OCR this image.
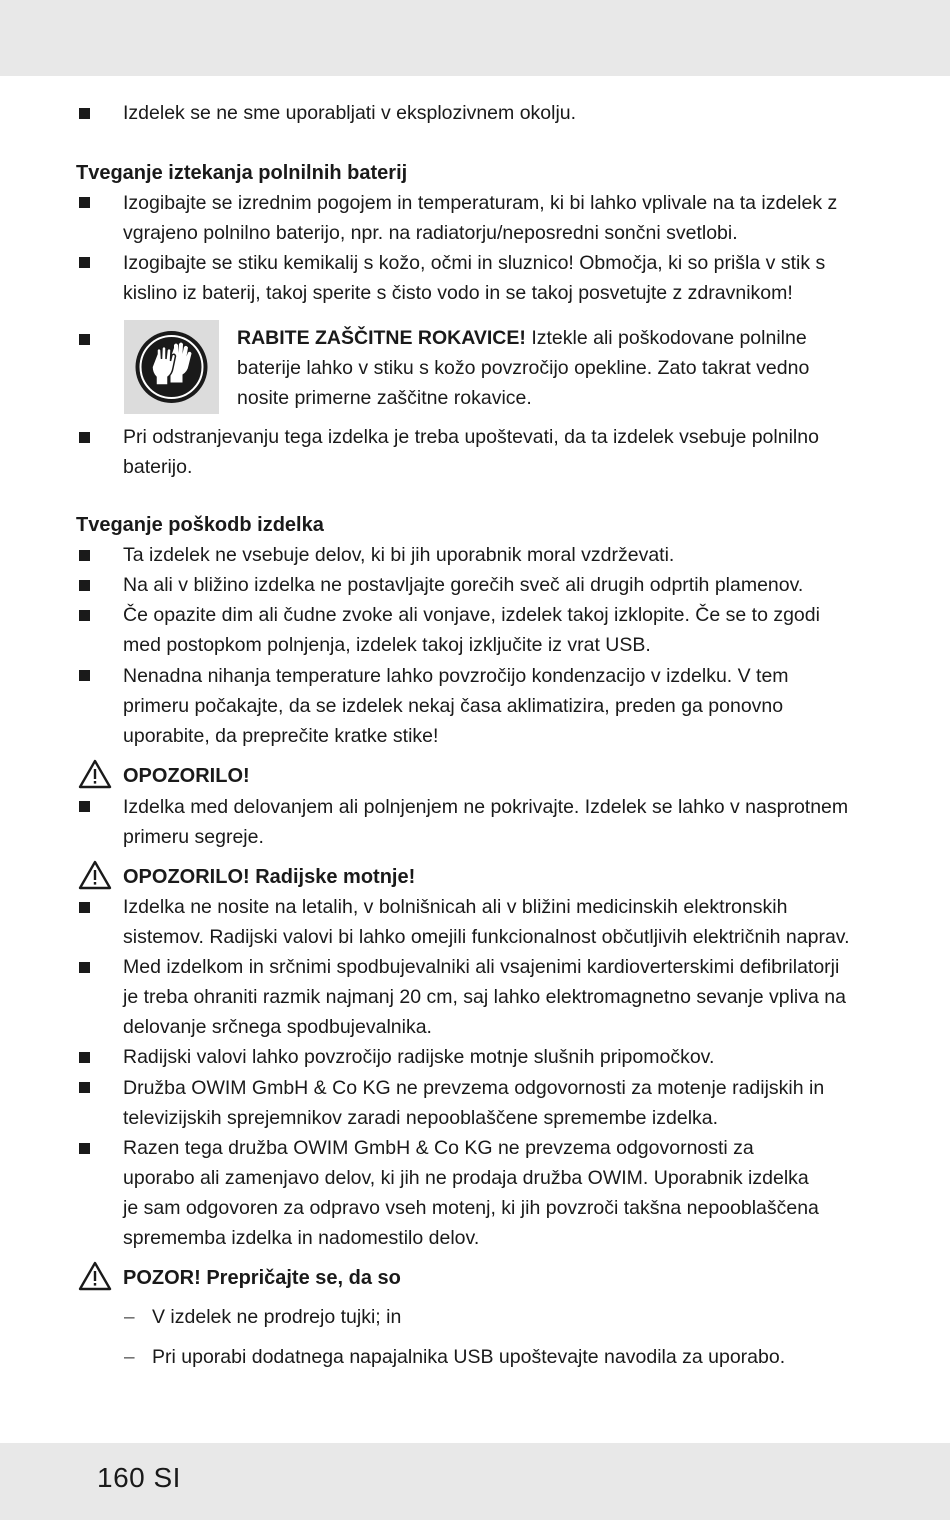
Izdelek se ne sme uporabljati v eksplozivnem okolju.
Tveganje iztekanja polnilnih baterij
Izogibajte se izrednim pogojem in temperaturam, ki bi lahko vplivale na ta izdelek z
vgrajeno polnilno baterijo, npr. na radiatorju/neposredni sončni svetlobi.
Izogibajte se stiku kemikalij s kožo, očmi in sluznico! Območja, ki so prišla v stik s
kislino iz baterij, takoj sperite s čisto vodo in se takoj posvetujte z zdravnikom!
RABITE ZAŠČITNE ROKAVICE! Iztekle ali poškodovane polnilne
baterije lahko v stiku s kožo povzročijo opekline. Zato takrat vedno
nosite primerne zaščitne rokavice.
Pri odstranjevanju tega izdelka je treba upoštevati, da ta izdelek vsebuje polnilno
baterijo.
Tveganje poškodb izdelka
Ta izdelek ne vsebuje delov, ki bi jih uporabnik moral vzdrževati.
Na ali v bližino izdelka ne postavljajte gorečih sveč ali drugih odprtih plamenov.
Če opazite dim ali čudne zvoke ali vonjave, izdelek takoj izklopite. Če se to zgodi
med postopkom polnjenja, izdelek takoj izključite iz vrat USB.
Nenadna nihanja temperature lahko povzročijo kondenzacijo v izdelku. V tem
primeru počakajte, da se izdelek nekaj časa aklimatizira, preden ga ponovno
uporabite, da preprečite kratke stike!
OPOZORILO!
Izdelka med delovanjem ali polnjenjem ne pokrivajte. Izdelek se lahko v nasprotnem
primeru segreje.
OPOZORILO! Radijske motnje!
Izdelka ne nosite na letalih, v bolnišnicah ali v bližini medicinskih elektronskih
sistemov. Radijski valovi bi lahko omejili funkcionalnost občutljivih električnih naprav.
Med izdelkom in srčnimi spodbujevalniki ali vsajenimi kardioverterskimi defibrilatorji
je treba ohraniti razmik najmanj 20 cm, saj lahko elektromagnetno sevanje vpliva na
delovanje srčnega spodbujevalnika.
Radijski valovi lahko povzročijo radijske motnje slušnih pripomočkov.
Družba OWIM GmbH & Co KG ne prevzema odgovornosti za motenje radijskih in
televizijskih sprejemnikov zaradi nepooblaščene spremembe izdelka.
Razen tega družba OWIM GmbH & Co KG ne prevzema odgovornosti za
uporabo ali zamenjavo delov, ki jih ne prodaja družba OWIM. Uporabnik izdelka
je sam odgovoren za odpravo vseh motenj, ki jih povzroči takšna nepooblaščena
sprememba izdelka in nadomestilo delov.
POZOR! Prepričajte se, da so
– V izdelek ne prodrejo tujki; in
– Pri uporabi dodatnega napajalnika USB upoštevajte navodila za uporabo.
160 SI
